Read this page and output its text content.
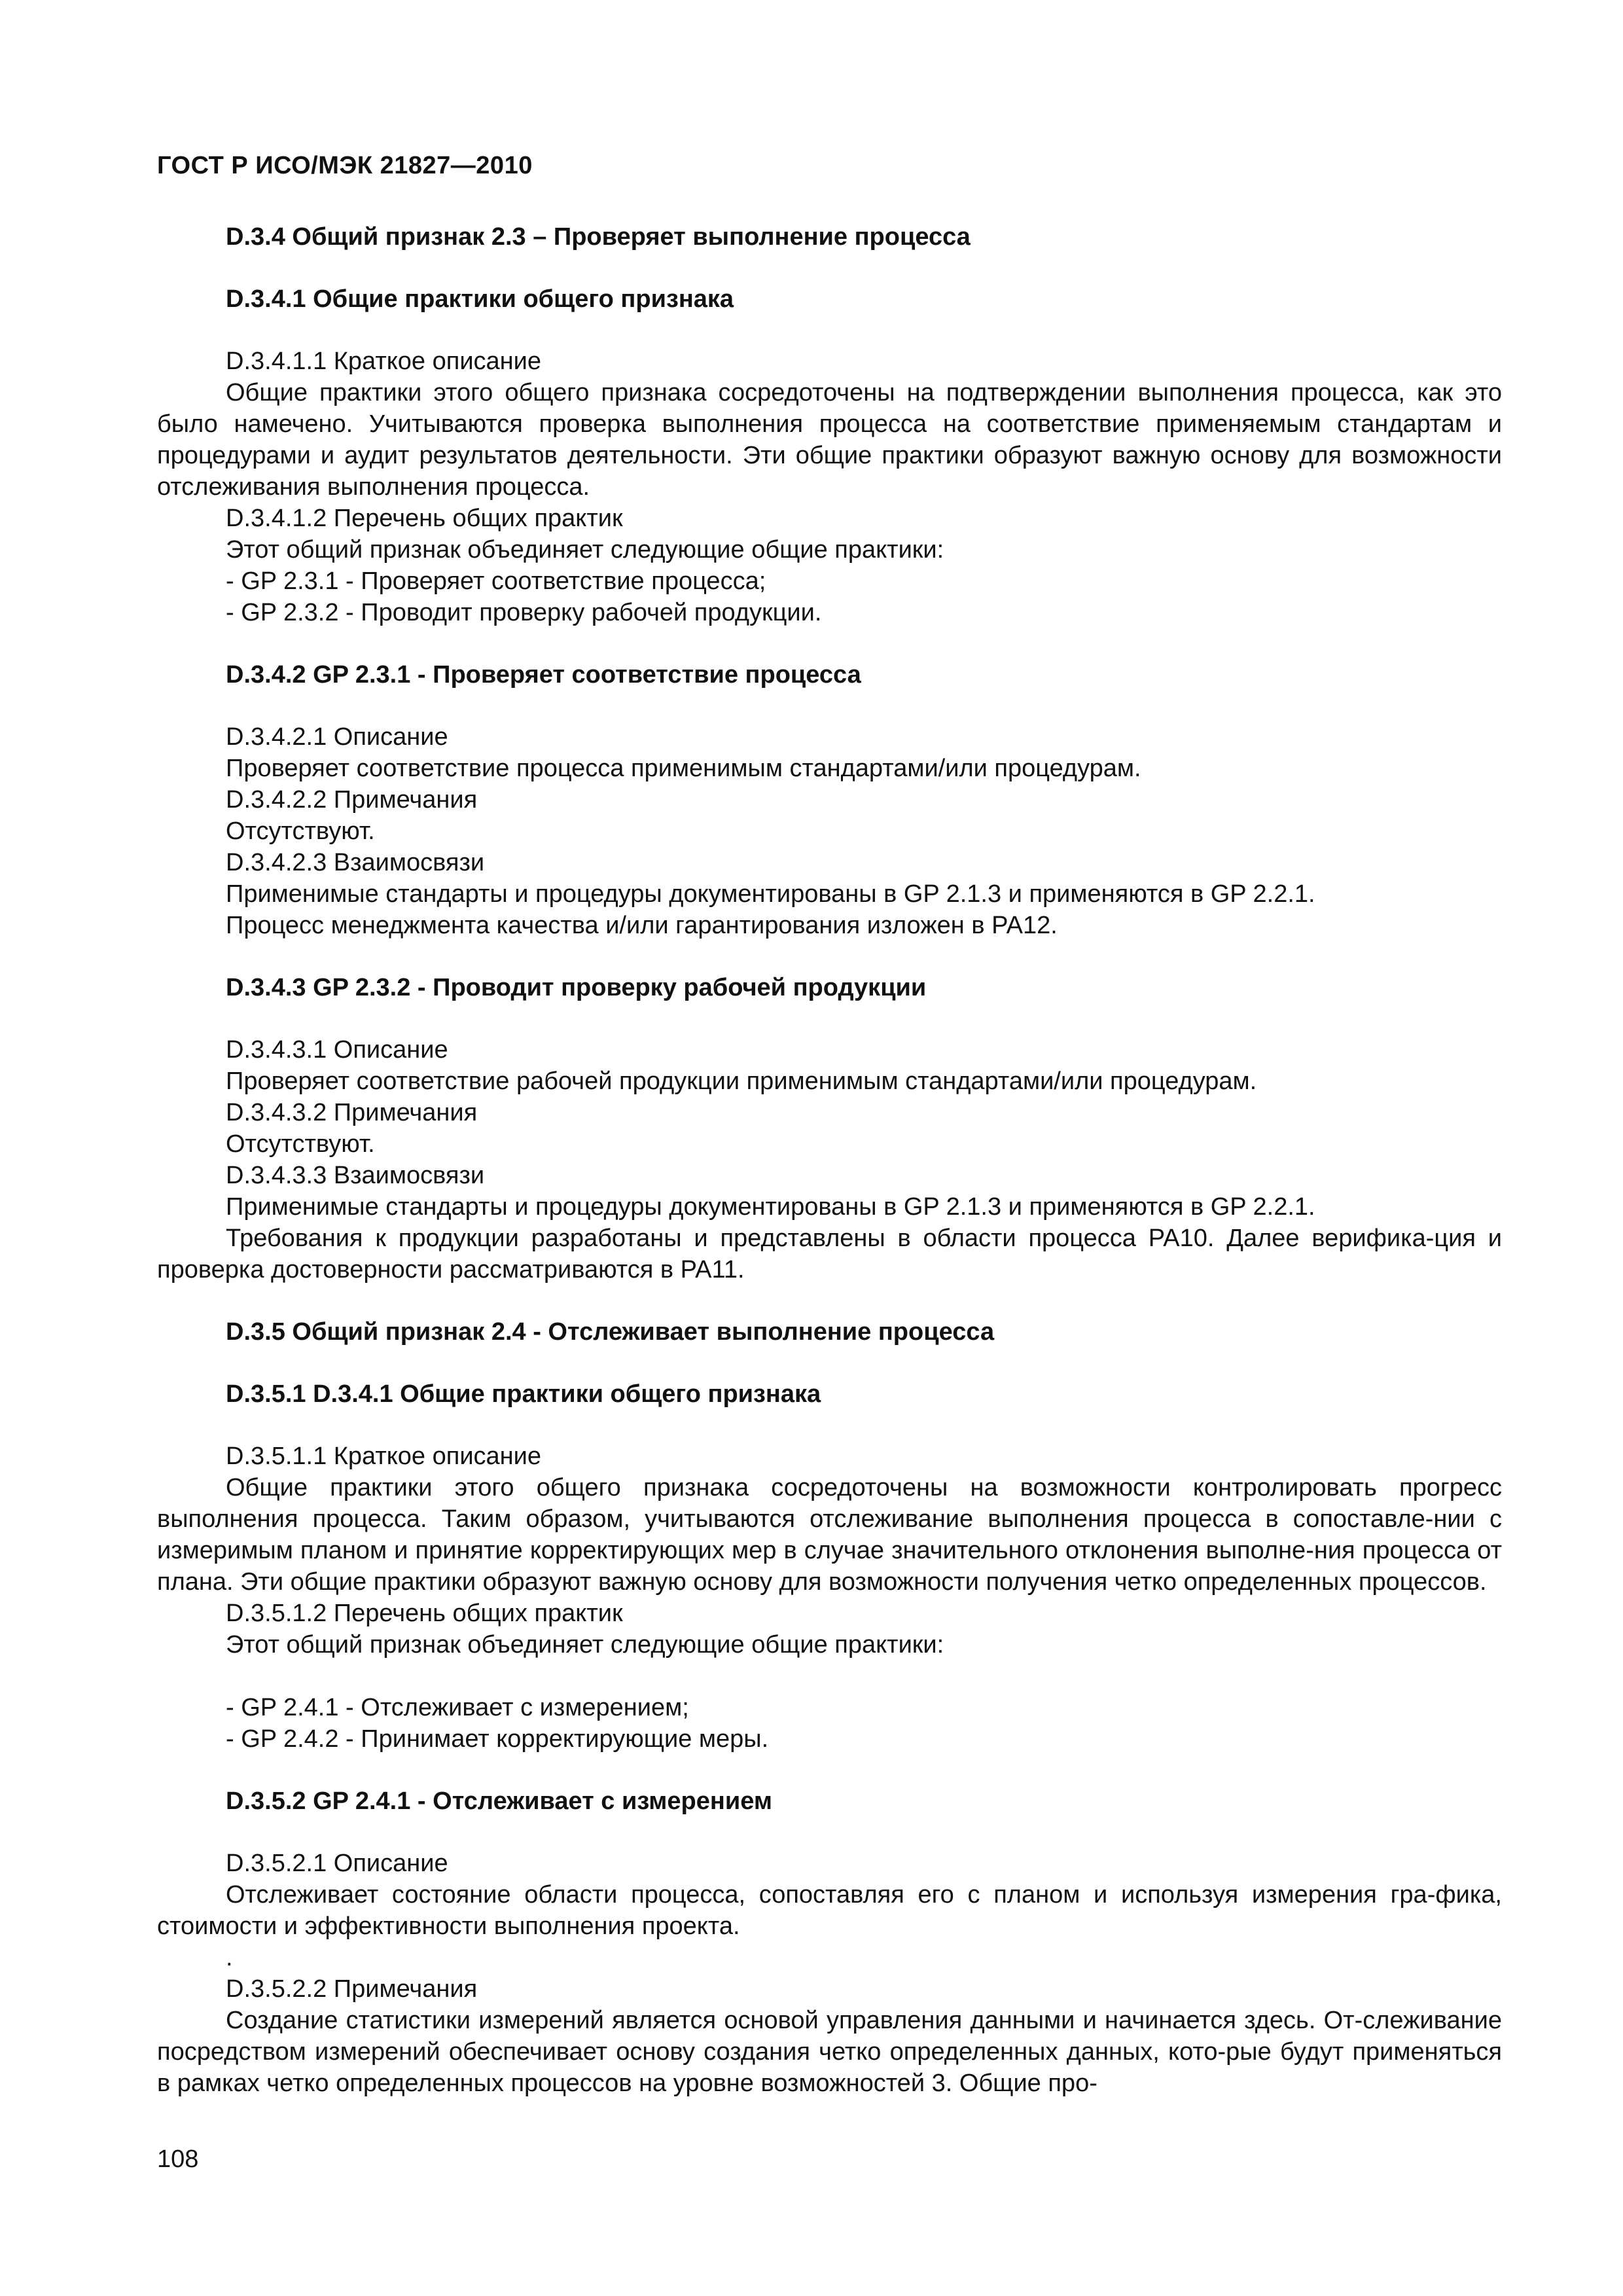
ГОСТ Р ИСО/МЭК 21827—2010
D.3.4 Общий признак 2.3 – Проверяет выполнение процесса
D.3.4.1 Общие практики общего признака
D.3.4.1.1 Краткое описание

Общие практики этого общего признака сосредоточены на подтверждении выполнения процесса, как это было намечено. Учитываются проверка выполнения процесса на соответствие применяемым стандартам и процедурами и аудит результатов деятельности. Эти общие практики образуют важную основу для возможности отслеживания выполнения процесса.

D.3.4.1.2 Перечень общих практик
Этот общий признак объединяет следующие общие практики:
- GP 2.3.1 - Проверяет соответствие процесса;
- GP 2.3.2 - Проводит проверку рабочей продукции.
D.3.4.2 GP 2.3.1 - Проверяет соответствие процесса
D.3.4.2.1 Описание
Проверяет соответствие процесса применимым стандартами/или процедурам.
D.3.4.2.2 Примечания
Отсутствуют.
D.3.4.2.3 Взаимосвязи
Применимые стандарты и процедуры документированы в GP 2.1.3 и применяются в GP 2.2.1.
Процесс менеджмента качества и/или гарантирования изложен в PA12.
D.3.4.3 GP 2.3.2 - Проводит проверку рабочей продукции
D.3.4.3.1 Описание
Проверяет соответствие рабочей продукции применимым стандартами/или процедурам.
D.3.4.3.2 Примечания
Отсутствуют.
D.3.4.3.3 Взаимосвязи
Применимые стандарты и процедуры документированы в GP 2.1.3 и применяются в GP 2.2.1.

Требования к продукции разработаны и представлены в области процесса PA10. Далее верифика-ция и проверка достоверности рассматриваются в PA11.

D.3.5 Общий признак 2.4 - Отслеживает выполнение процесса
D.3.5.1 D.3.4.1 Общие практики общего признака
D.3.5.1.1 Краткое описание

Общие практики этого общего признака сосредоточены на возможности контролировать прогресс выполнения процесса. Таким образом, учитываются отслеживание выполнения процесса в сопоставле-нии с измеримым планом и принятие корректирующих мер в случае значительного отклонения выполне-ния процесса от плана. Эти общие практики образуют важную основу для возможности получения четко определенных процессов.

D.3.5.1.2 Перечень общих практик
Этот общий признак объединяет следующие общие практики:
- GP 2.4.1 - Отслеживает с измерением;
- GP 2.4.2 - Принимает корректирующие меры.
D.3.5.2 GP 2.4.1 - Отслеживает с измерением
D.3.5.2.1 Описание

Отслеживает состояние области процесса, сопоставляя его с планом и используя измерения гра-фика, стоимости и эффективности выполнения проекта.

.
D.3.5.2.2 Примечания

Создание статистики измерений является основой управления данными и начинается здесь. От-слеживание посредством измерений обеспечивает основу создания четко определенных данных, кото-рые будут применяться в рамках четко определенных процессов на уровне возможностей 3. Общие про-

108
